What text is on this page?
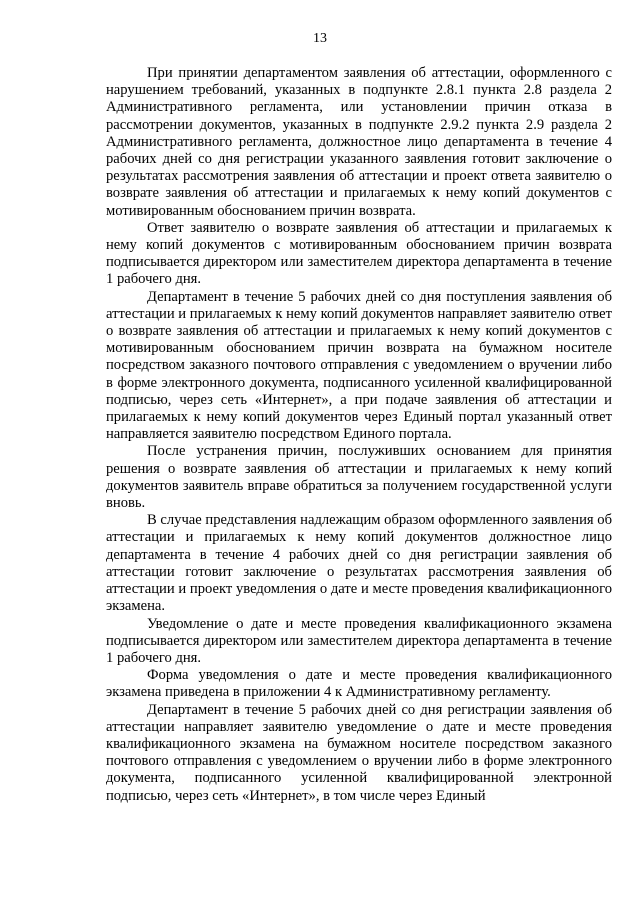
13

При принятии департаментом заявления об аттестации, оформленного с нарушением требований, указанных в подпункте 2.8.1 пункта 2.8 раздела 2 Административного регламента, или установлении причин отказа в рассмотрении документов, указанных в подпункте 2.9.2 пункта 2.9 раздела 2 Административного регламента, должностное лицо департамента в течение 4 рабочих дней со дня регистрации указанного заявления готовит заключение о результатах рассмотрения заявления об аттестации и проект ответа заявителю о возврате заявления об аттестации и прилагаемых к нему копий документов с мотивированным обоснованием причин возврата.

Ответ заявителю о возврате заявления об аттестации и прилагаемых к нему копий документов с мотивированным обоснованием причин возврата подписывается директором или заместителем директора департамента в течение 1 рабочего дня.

Департамент в течение 5 рабочих дней со дня поступления заявления об аттестации и прилагаемых к нему копий документов направляет заявителю ответ о возврате заявления об аттестации и прилагаемых к нему копий документов с мотивированным обоснованием причин возврата на бумажном носителе посредством заказного почтового отправления с уведомлением о вручении либо в форме электронного документа, подписанного усиленной квалифицированной подписью, через сеть «Интернет», а при подаче заявления об аттестации и прилагаемых к нему копий документов через Единый портал указанный ответ направляется заявителю посредством Единого портала.

После устранения причин, послуживших основанием для принятия решения о возврате заявления об аттестации и прилагаемых к нему копий документов заявитель вправе обратиться за получением государственной услуги вновь.

В случае представления надлежащим образом оформленного заявления об аттестации и прилагаемых к нему копий документов должностное лицо департамента в течение 4 рабочих дней со дня регистрации заявления об аттестации готовит заключение о результатах рассмотрения заявления об аттестации и проект уведомления о дате и месте проведения квалификационного экзамена.

Уведомление о дате и месте проведения квалификационного экзамена подписывается директором или заместителем директора департамента в течение 1 рабочего дня.

Форма уведомления о дате и месте проведения квалификационного экзамена приведена в приложении 4 к Административному регламенту.

Департамент в течение 5 рабочих дней со дня регистрации заявления об аттестации направляет заявителю уведомление о дате и месте проведения квалификационного экзамена на бумажном носителе посредством заказного почтового отправления с уведомлением о вручении либо в форме электронного документа, подписанного усиленной квалифицированной электронной подписью, через сеть «Интернет», в том числе через Единый
